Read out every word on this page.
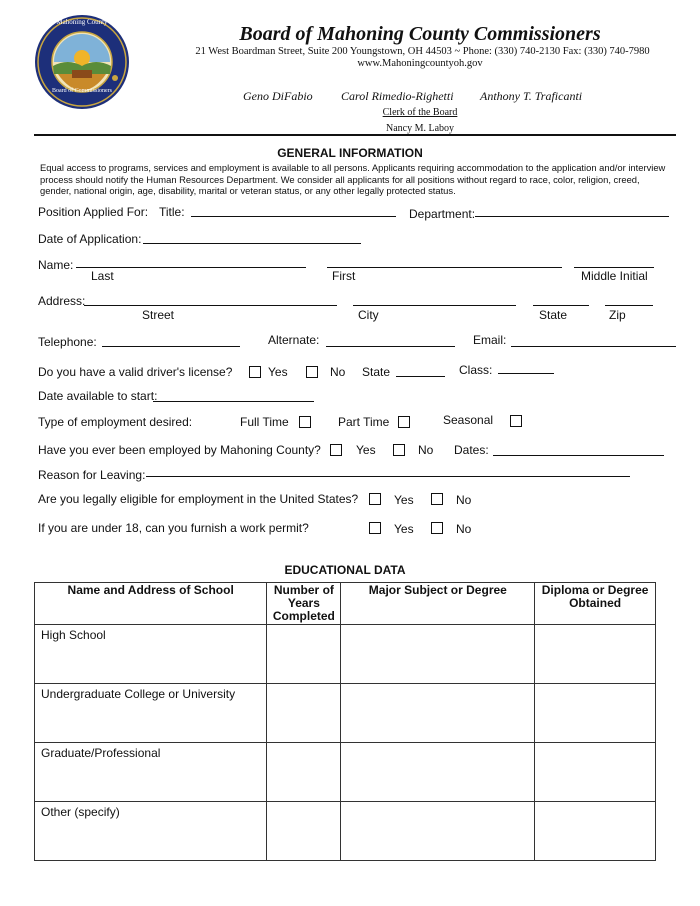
Mahoning County
Board of Commissioners
Board of Mahoning County Commissioners
21 West Boardman Street, Suite 200 Youngstown, OH 44503 ~ Phone: (330) 740-2130 Fax: (330) 740-7980
www.Mahoningcountyoh.gov
Geno DiFabio Carol Rimedio-Righetti Anthony T. Traficanti
Clerk of the Board
Nancy M. Laboy
GENERAL INFORMATION
Equal access to programs, services and employment is available to all persons. Applicants requiring accommodation to the application and/or interview process should notify the Human Resources Department. We consider all applicants for all positions without regard to race, color, religion, creed, gender, national origin, age, disability, marital or veteran status, or any other legally protected status.
Position Applied For: Title:	Department:
Date of Application:
Name:
Last	First	Middle Initial
Address:
Street	City	State	Zip
Telephone:	Alternate:	Email:
Do you have a valid driver's license?	Yes	No State	Class:
Date available to start:
Type of employment desired:	Full Time	Part Time	Seasonal
Have you ever been employed by Mahoning County?	Yes	No Dates:
Reason for Leaving:
Are you legally eligible for employment in the United States?	Yes	No
If you are under 18, can you furnish a work permit?	Yes	No
EDUCATIONAL DATA
Name and Address of School	Number of Years Completed	Major Subject or Degree	Diploma or Degree Obtained
High School			
Undergraduate College or University			
Graduate/Professional			
Other (specify)			
